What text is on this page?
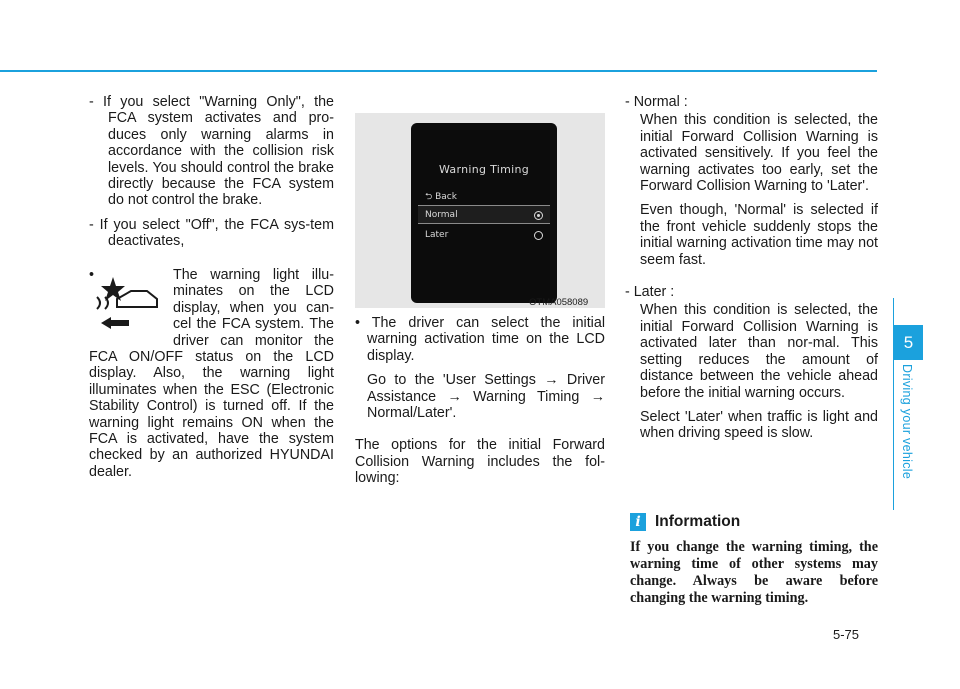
- If you select "Warning Only", the FCA system activates and pro-duces only warning alarms in accordance with the collision risk levels. You should control the brake directly because the FCA system do not control the brake.

- If you select "Off", the FCA sys-tem deactivates,

•	The warning light illu-minates on the LCD display, when you can-cel the FCA system. The driver can monitor the FCA ON/OFF status on the LCD display. Also, the warning light illuminates when the ESC (Electronic Stability Control) is turned off. If the warning light remains ON when the FCA is activated, have the system checked by an authorized HYUNDAI dealer.

Warning Timing
⮌ Back
Normal
Later
OTMA058089

• The driver can select the initial warning activation time on the LCD display.

Go to the 'User Settings → Driver Assistance → Warning Timing → Normal/Later'.

The options for the initial Forward Collision Warning includes the fol-lowing:

- Normal :

When this condition is selected, the initial Forward Collision Warning is activated sensitively. If you feel the warning activates too early, set the Forward Collision Warning to 'Later'.

Even though, 'Normal' is selected if the front vehicle suddenly stops the initial warning activation time may not seem fast.

- Later :

When this condition is selected, the initial Forward Collision Warning is activated later than nor-mal. This setting reduces the amount of distance between the vehicle ahead before the initial warning occurs.

Select 'Later' when traffic is light and when driving speed is slow.

i Information
If you change the warning timing, the warning time of other systems may change. Always be aware before changing the warning timing.
5
Driving your vehicle
5-75
